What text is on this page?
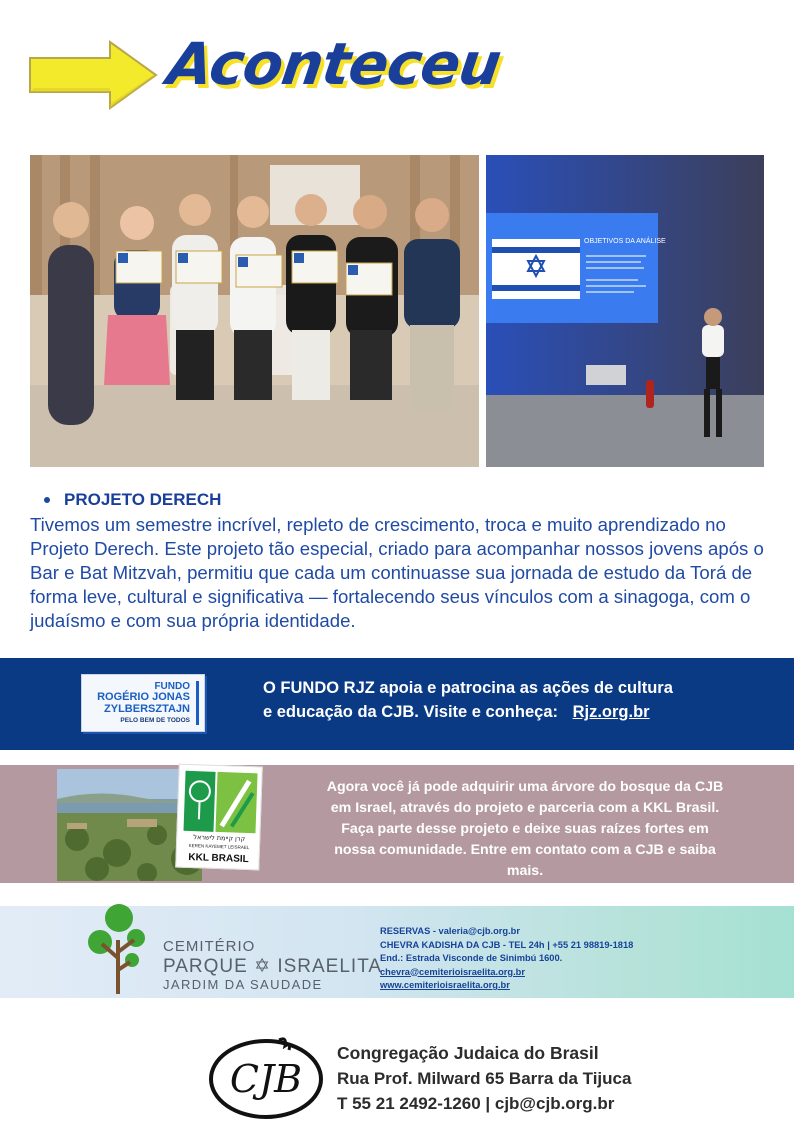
Aconteceu
OBJETIVOS DA ANÁLISE
PROJETO DERECH

Tivemos um semestre incrível, repleto de crescimento, troca e muito aprendizado no Projeto Derech. Este projeto tão especial, criado para acompanhar nossos jovens após o Bar e Bat Mitzvah, permitiu que cada um continuasse sua jornada de estudo da Torá de forma leve, cultural e significativa — fortalecendo seus vínculos com a sinagoga, com o judaísmo e com sua própria identidade.

FUNDO
ROGÉRIO JONAS
ZYLBERSZTAJN
PELO BEM DE TODOS
O FUNDO RJZ apoia e patrocina as ações de cultura
e educação da CJB. Visite e conheça: Rjz.org.br
קרן קיימת לישראל
KEREN KAYEMET LEISRAEL
KKL BRASIL

Agora você já pode adquirir uma árvore do bosque da CJB em Israel, através do projeto e parceria com a KKL Brasil. Faça parte desse projeto e deixe suas raízes fortes em nossa comunidade. Entre em contato com a CJB e saiba mais.

CEMITÉRIO
PARQUE ✡ ISRAELITA
JARDIM DA SAUDADE
RESERVAS - valeria@cjb.org.br
CHEVRA KADISHA DA CJB - TEL 24h | +55 21 98819-1818
End.: Estrada Visconde de Sinimbú 1600.
chevra@cemiterioisraelita.org.br
www.cemiterioisraelita.org.br
CJB
Congregação Judaica do Brasil
Rua Prof. Milward 65 Barra da Tijuca
T 55 21 2492-1260 | cjb@cjb.org.br
